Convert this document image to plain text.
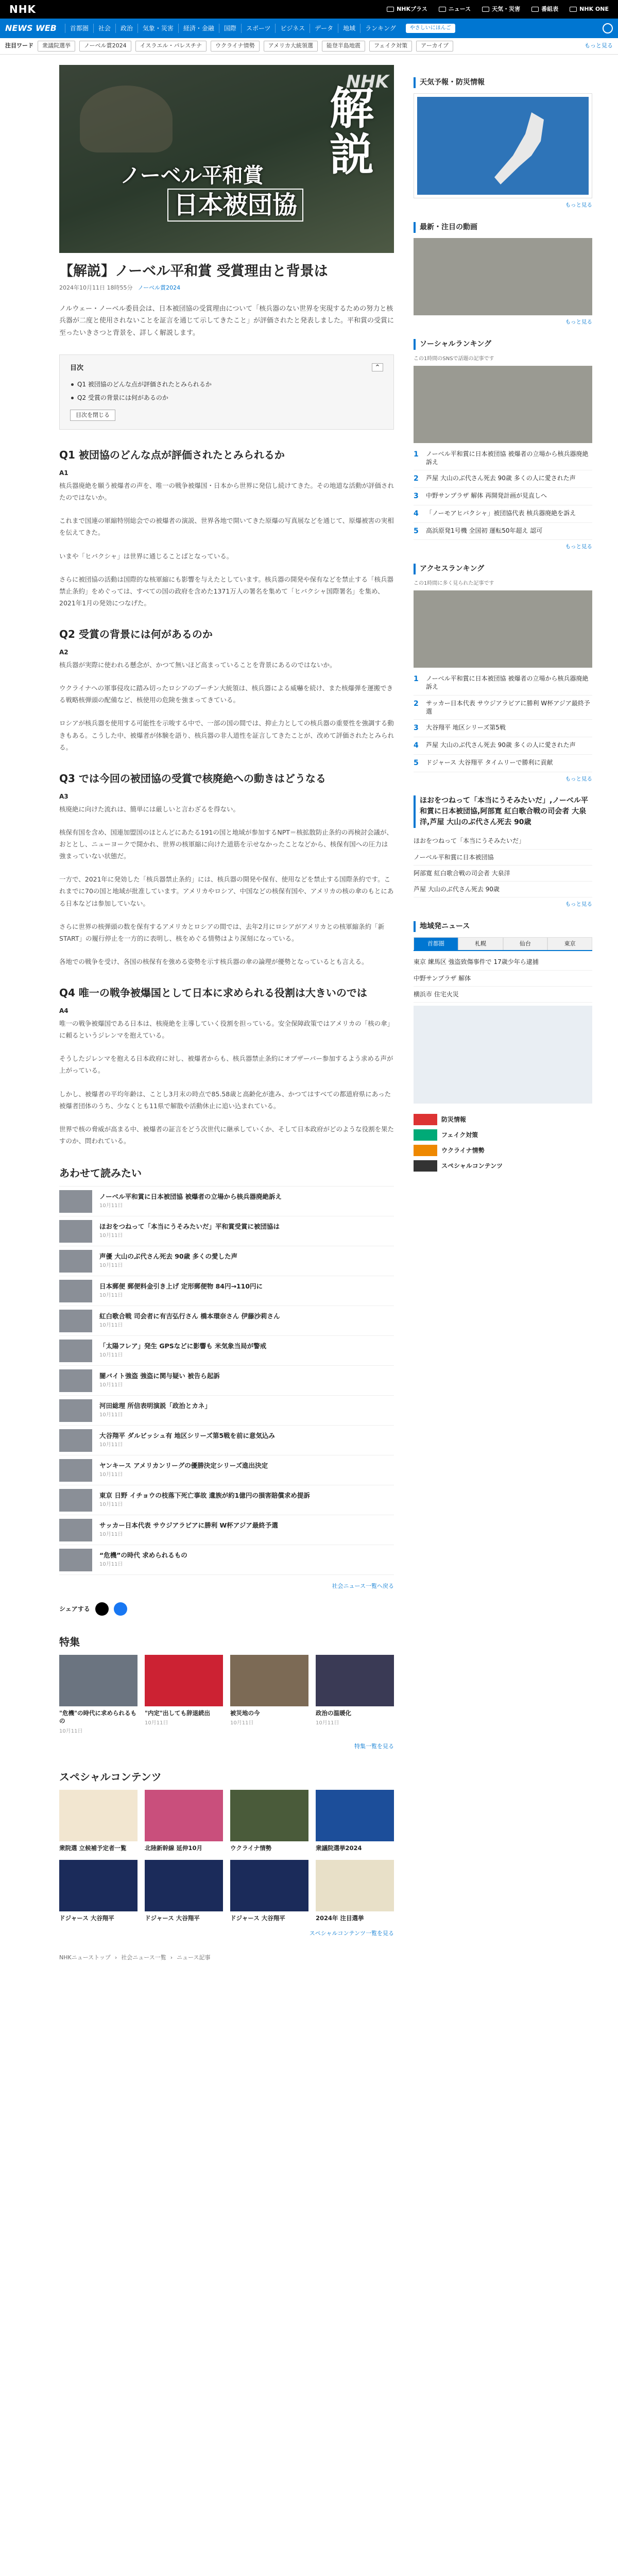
NHK	NHKプラス	ニュース	天気・災害	番組表	NHK ONE
NEWS WEB	首都圏	社会	政治	気象・災害	経済・金融	国際	スポーツ	ビジネス	データ	地域	ランキング	やさしいにほんご
注目ワード	衆議院選挙	ノーベル賞2024	イスラエル・パレスチナ	ウクライナ情勢	アメリカ大統領選	能登半島地震	フェイク対策	アーカイブ	もっと見る
NHK
解説
ノーベル平和賞
日本被団協
【解説】ノーベル平和賞 受賞理由と背景は
2024年10月11日 18時55分 ノーベル賞2024

ノルウェー・ノーベル委員会は、日本被団協の受賞理由について「核兵器のない世界を実現するための努力と核兵器が二度と使用されないことを証言を通じて示してきたこと」が評価されたと発表しました。平和賞の受賞に至ったいきさつと背景を、詳しく解説します。

目次	^
Q1 被団協のどんな点が評価されたとみられるか
Q2 受賞の背景には何があるのか
目次を閉じる
Q1 被団協のどんな点が評価されたとみられるか

A1

核兵器廃絶を願う被爆者の声を、唯一の戦争被爆国・日本から世界に発信し続けてきた。その地道な活動が評価されたのではないか。

これまで国連の軍縮特別総会での被爆者の演説、世界各地で開いてきた原爆の写真展などを通じて、原爆被害の実相を伝えてきた。

いまや「ヒバクシャ」は世界に通じることばとなっている。

さらに被団協の活動は国際的な核軍縮にも影響を与えたとしています。核兵器の開発や保有などを禁止する「核兵器禁止条約」をめぐっては、すべての国の政府を含めた1371万人の署名を集めて「ヒバクシャ国際署名」を集め、2021年1月の発効につなげた。

Q2 受賞の背景には何があるのか

A2

核兵器が実際に使われる懸念が、かつて無いほど高まっていることを背景にあるのではないか。

ウクライナへの軍事侵攻に踏み切ったロシアのプーチン大統領は、核兵器による威嚇を続け、また核爆弾を運搬できる戦略核弾頭の配備など、核使用の危険を強まってきている。

ロシアが核兵器を使用する可能性を示唆する中で、一部の国の間では、抑止力としての核兵器の重要性を強調する動きもある。こうした中、被爆者が体験を語り、核兵器の非人道性を証言してきたことが、改めて評価されたとみられる。

Q3 では今回の被団協の受賞で核廃絶への動きはどうなる

A3

核廃絶に向けた流れは、簡単には厳しいと言わざるを得ない。

核保有国を含め、国連加盟国のほとんどにあたる191の国と地域が参加するNPT＝核拡散防止条約の再検討会議が、おととし、ニューヨークで開かれ、世界の核軍縮に向けた道筋を示せなかったことなどから、核保有国への圧力は強まっていない状態だ。

一方で、2021年に発効した「核兵器禁止条約」には、核兵器の開発や保有、使用などを禁止する国際条約です。これまでに70の国と地域が批准しています。アメリカやロシア、中国などの核保有国や、アメリカの核の傘のもとにある日本などは参加していない。

さらに世界の核弾頭の数を保有するアメリカとロシアの間では、去年2月にロシアがアメリカとの核軍縮条約「新START」の履行停止を一方的に表明し、核をめぐる情勢はより深刻になっている。

各地での戦争を受け、各国の核保有を強める姿勢を示す核兵器の傘の論理が優勢となっているとも言える。

Q4 唯一の戦争被爆国として日本に求められる役割は大きいのでは

A4

唯一の戦争被爆国である日本は、核廃絶を主導していく役割を担っている。安全保障政策ではアメリカの「核の傘」に頼るというジレンマを抱えている。

そうしたジレンマを抱える日本政府に対し、被爆者からも、核兵器禁止条約にオブザーバー参加するよう求める声が上がっている。

しかし、被爆者の平均年齢は、ことし3月末の時点で85.58歳と高齢化が進み、かつてはすべての都道府県にあった被爆者団体のうち、少なくとも11県で解散や活動休止に追い込まれている。

世界で核の脅威が高まる中、被爆者の証言をどう次世代に継承していくか、そして日本政府がどのような役割を果たすのか、問われている。

あわせて読みたい
ノーベル平和賞に日本被団協 被爆者の立場から核兵器廃絶訴え
10月11日
ほおをつねって「本当にうそみたいだ」平和賞受賞に被団協は
10月11日
声優 大山のぶ代さん死去 90歳 多くの愛した声
10月11日
日本郵便 郵便料金引き上げ 定形郵便物 84円→110円に
10月11日
紅白歌合戦 司会者に有吉弘行さん 橋本環奈さん 伊藤沙莉さん
10月11日
「太陽フレア」発生 GPSなどに影響も 米気象当局が警戒
10月11日
闇バイト強盗 強盗に関与疑い 被告ら起訴
10月11日
河田総理 所信表明演説「政治とカネ」
10月11日
大谷翔平 ダルビッシュ有 地区シリーズ第5戦を前に意気込み
10月11日
ヤンキース アメリカンリーグの優勝決定シリーズ進出決定
10月11日
東京 日野 イチョウの枝落下死亡事故 遺族が約1億円の損害賠償求め提訴
10月11日
サッカー日本代表 サウジアラビアに勝利 W杯アジア最終予選
10月11日
“危機”の時代 求められるもの
10月11日
社会ニュース一覧へ戻る
シェアする
特集
"危機"の時代に求められるもの
10月11日
"内定"出しても辞退続出
10月11日
被災地の今
10月11日
政治の温暖化
10月11日
特集一覧を見る
スペシャルコンテンツ
衆院選 立候補予定者一覧	北陸新幹線 延伸10月	ウクライナ情勢	衆議院選挙2024
ドジャース 大谷翔平	ドジャース 大谷翔平	ドジャース 大谷翔平	2024年 注目選挙
スペシャルコンテンツ一覧を見る
NHKニューストップ › 社会ニュース一覧 › ニュース記事
天気予報・防災情報
もっと見る
最新・注目の動画
もっと見る
ソーシャルランキング
この1時間のSNSで話題の記事です
1	ノーベル平和賞に日本被団協 被爆者の立場から核兵器廃絶訴え
2	芦屋 大山のぶ代さん死去 90歳 多くの人に愛された声
3	中野サンプラザ 解体 再開発計画が見直しへ
4	「ノーモアヒバクシャ」被団協代表 核兵器廃絶を訴え
5	高浜原発1号機 全国初 運転50年超え 認可
もっと見る
アクセスランキング
この1時間に多く見られた記事です
1	ノーベル平和賞に日本被団協 被爆者の立場から核兵器廃絶訴え
2	サッカー日本代表 サウジアラビアに勝利 W杯アジア最終予選
3	大谷翔平 地区シリーズ第5戦
4	芦屋 大山のぶ代さん死去 90歳 多くの人に愛された声
5	ドジャース 大谷翔平 タイムリーで勝利に貢献
もっと見る
ほおをつねって「本当にうそみたいだ」,ノーベル平和賞に日本被団協,阿部寛 紅白歌合戦の司会者 大泉洋,芦屋 大山のぶ代さん死去 90歳
ほおをつねって「本当にうそみたいだ」
ノーベル平和賞に日本被団協
阿部寛 紅白歌合戦の司会者 大泉洋
芦屋 大山のぶ代さん死去 90歳
もっと見る
地域発ニュース
首都圏	札幌	仙台	東京
東京 練馬区 強盗致傷事件で 17歳少年ら逮捕
中野サンプラザ 解体
横浜市 住宅火災
防災情報
フェイク対策
ウクライナ情勢
スペシャルコンテンツ
